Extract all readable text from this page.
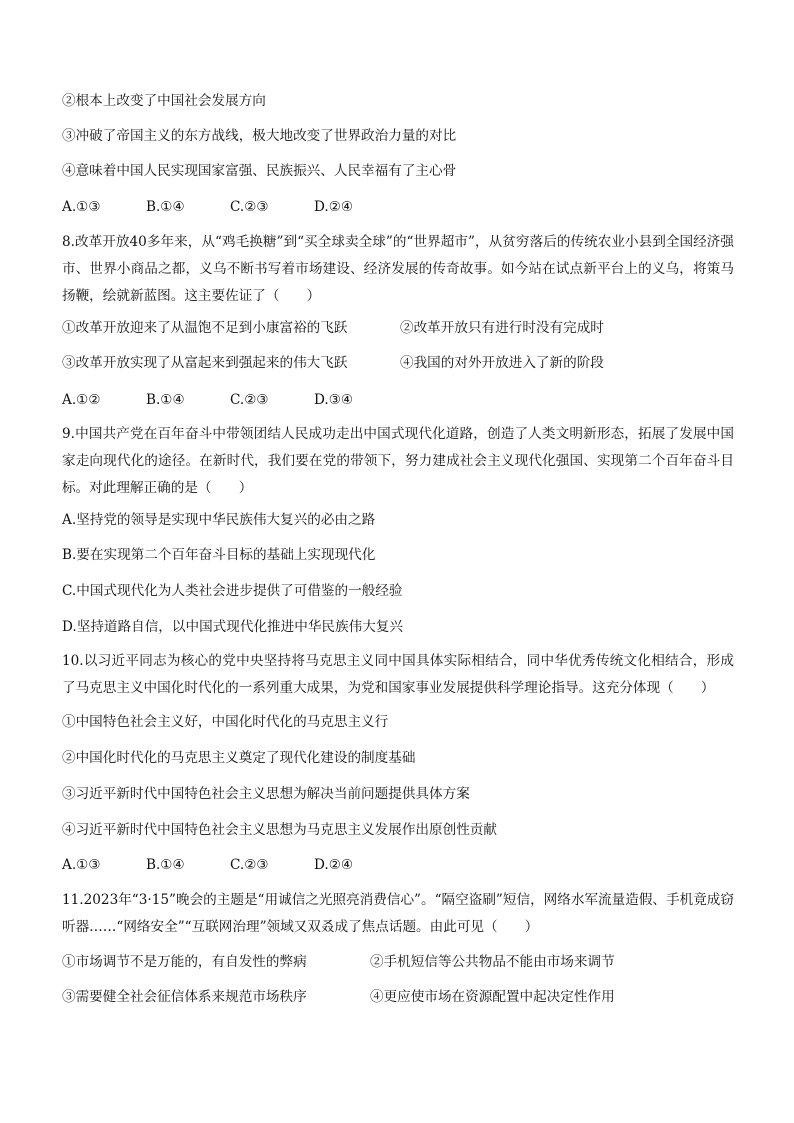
②根本上改变了中国社会发展方向
③冲破了帝国主义的东方战线，极大地改变了世界政治力量的对比
④意味着中国人民实现国家富强、民族振兴、人民幸福有了主心骨
A.①③	B.①④	C.②③	D.②④
8.改革开放40多年来，从“鸡毛换糖”到“买全球卖全球”的“世界超市”，从贫穷落后的传统农业小县到全国经济强市、世界小商品之都，义乌不断书写着市场建设、经济发展的传奇故事。如今站在试点新平台上的义乌，将策马扬鞭，绘就新蓝图。这主要佐证了（　　）
①改革开放迎来了从温饱不足到小康富裕的飞跃	②改革开放只有进行时没有完成时
③改革开放实现了从富起来到强起来的伟大飞跃	④我国的对外开放进入了新的阶段
A.①②	B.①④	C.②③	D.③④
9.中国共产党在百年奋斗中带领团结人民成功走出中国式现代化道路，创造了人类文明新形态，拓展了发展中国家走向现代化的途径。在新时代，我们要在党的带领下，努力建成社会主义现代化强国、实现第二个百年奋斗目标。对此理解正确的是（　　）
A.坚持党的领导是实现中华民族伟大复兴的必由之路
B.要在实现第二个百年奋斗目标的基础上实现现代化
C.中国式现代化为人类社会进步提供了可借鉴的一般经验
D.坚持道路自信，以中国式现代化推进中华民族伟大复兴
10.以习近平同志为核心的党中央坚持将马克思主义同中国具体实际相结合，同中华优秀传统文化相结合，形成了马克思主义中国化时代化的一系列重大成果，为党和国家事业发展提供科学理论指导。这充分体现（　　）
①中国特色社会主义好，中国化时代化的马克思主义行
②中国化时代化的马克思主义奠定了现代化建设的制度基础
③习近平新时代中国特色社会主义思想为解决当前问题提供具体方案
④习近平新时代中国特色社会主义思想为马克思主义发展作出原创性贡献
A.①③	B.①④	C.②③	D.②④
11.2023年“3·15”晚会的主题是“用诚信之光照亮消费信心”。“隔空盗刷”短信，网络水军流量造假、手机竟成窃听器……“网络安全”“互联网治理”领域又双叒成了焦点话题。由此可见（　　）
①市场调节不是万能的，有自发性的弊病	②手机短信等公共物品不能由市场来调节
③需要健全社会征信体系来规范市场秩序	④更应使市场在资源配置中起决定性作用
